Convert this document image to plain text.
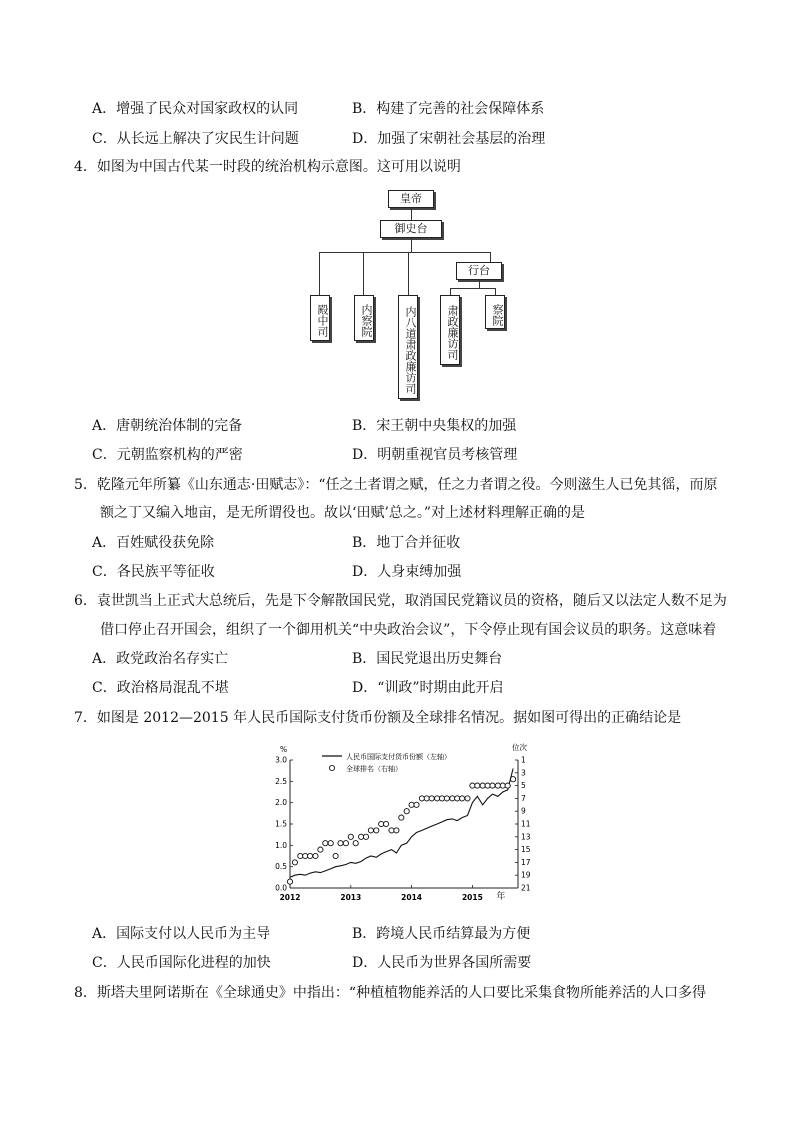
A．增强了民众对国家政权的认同	B．构建了完善的社会保障体系
C．从长远上解决了灾民生计问题	D．加强了宋朝社会基层的治理
4．如图为中国古代某一时段的统治机构示意图。这可用以说明
皇帝
御史台
行台
殿中司	内察院	内八道肃政廉访司	肃政廉访司	察院
A．唐朝统治体制的完备	B．宋王朝中央集权的加强
C．元朝监察机构的严密	D．明朝重视官员考核管理
5．乾隆元年所纂《山东通志·田赋志》：“任之土者谓之赋，任之力者谓之役。今则滋生人已免其徭，而原
额之丁又编入地亩，是无所谓役也。故以‘田赋’总之。”对上述材料理解正确的是
A．百姓赋役获免除	B．地丁合并征收
C．各民族平等征收	D．人身束缚加强
6．袁世凯当上正式大总统后，先是下令解散国民党，取消国民党籍议员的资格，随后又以法定人数不足为
借口停止召开国会，组织了一个御用机关“中央政治会议”，下令停止现有国会议员的职务。这意味着
A．政党政治名存实亡	B．国民党退出历史舞台
C．政治格局混乱不堪	D．“训政”时期由此开启
7．如图是 2012—2015 年人民币国际支付货币份额及全球排名情况。据如图可得出的正确结论是
%	位次
0.0
0.5
1.0
1.5
2.0
2.5
3.0	1
3
5
7
9
11
13
15
17
19
21
2012	2013	2014	2015 年
人民币国际支付货币份额（左轴）
全球排名（右轴）
A．国际支付以人民币为主导	B．跨境人民币结算最为方便
C．人民币国际化进程的加快	D．人民币为世界各国所需要
8．斯塔夫里阿诺斯在《全球通史》中指出：“种植植物能养活的人口要比采集食物所能养活的人口多得
